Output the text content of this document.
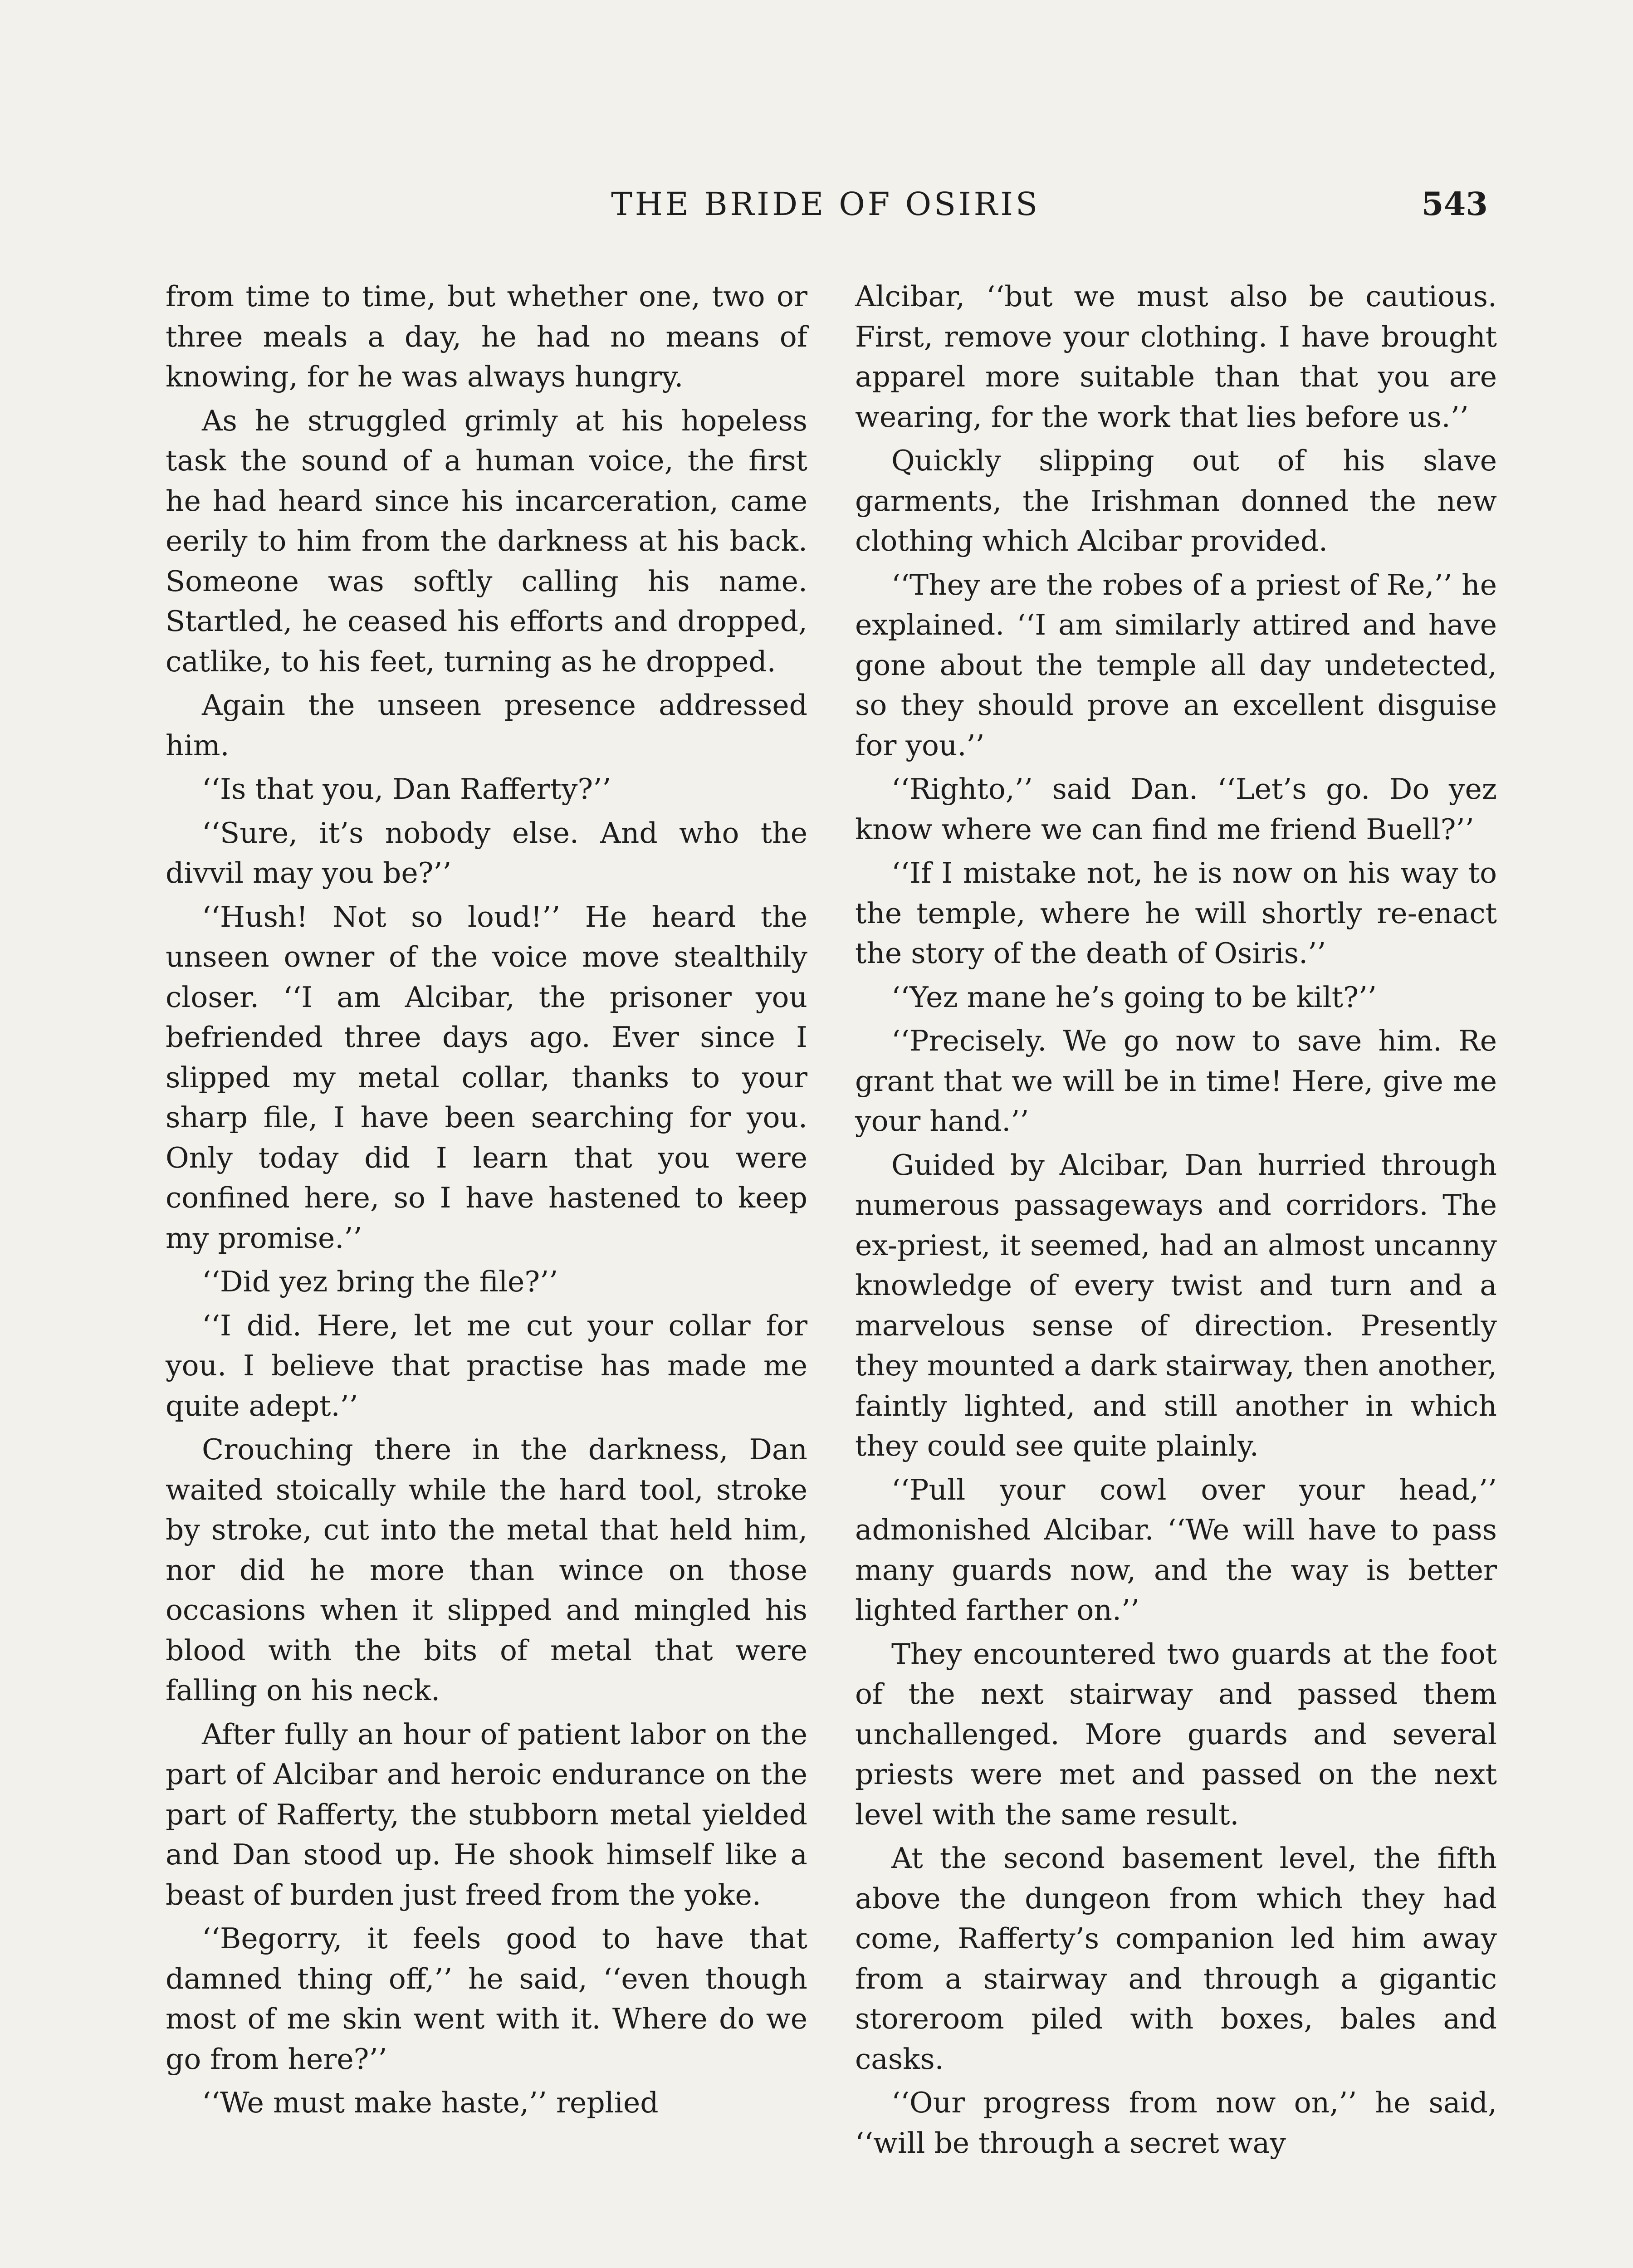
THE BRIDE OF OSIRIS	543

from time to time, but whether one, two or three meals a day, he had no means of knowing, for he was always hungry.

As he struggled grimly at his hopeless task the sound of a human voice, the first he had heard since his incarceration, came eerily to him from the darkness at his back. Someone was softly calling his name. Startled, he ceased his efforts and dropped, catlike, to his feet, turning as he dropped.

Again the unseen presence addressed him.

‘‘Is that you, Dan Rafferty?’’

‘‘Sure, it’s nobody else. And who the divvil may you be?’’

‘‘Hush! Not so loud!’’ He heard the unseen owner of the voice move stealthily closer. ‘‘I am Alcibar, the prisoner you befriended three days ago. Ever since I slipped my metal collar, thanks to your sharp file, I have been searching for you. Only today did I learn that you were confined here, so I have hastened to keep my promise.’’

‘‘Did yez bring the file?’’

‘‘I did. Here, let me cut your collar for you. I believe that practise has made me quite adept.’’

Crouching there in the darkness, Dan waited stoically while the hard tool, stroke by stroke, cut into the metal that held him, nor did he more than wince on those occasions when it slipped and mingled his blood with the bits of metal that were falling on his neck.

After fully an hour of patient labor on the part of Alcibar and heroic endurance on the part of Rafferty, the stubborn metal yielded and Dan stood up. He shook himself like a beast of burden just freed from the yoke.

‘‘Begorry, it feels good to have that damned thing off,’’ he said, ‘‘even though most of me skin went with it. Where do we go from here?’’

‘‘We must make haste,’’ replied

Alcibar, ‘‘but we must also be cautious. First, remove your clothing. I have brought apparel more suitable than that you are wearing, for the work that lies before us.’’

Quickly slipping out of his slave garments, the Irishman donned the new clothing which Alcibar provided.

‘‘They are the robes of a priest of Re,’’ he explained. ‘‘I am similarly attired and have gone about the temple all day undetected, so they should prove an excellent disguise for you.’’

‘‘Righto,’’ said Dan. ‘‘Let’s go. Do yez know where we can find me friend Buell?’’

‘‘If I mistake not, he is now on his way to the temple, where he will shortly re-enact the story of the death of Osiris.’’

‘‘Yez mane he’s going to be kilt?’’

‘‘Precisely. We go now to save him. Re grant that we will be in time! Here, give me your hand.’’

Guided by Alcibar, Dan hurried through numerous passageways and corridors. The ex-priest, it seemed, had an almost uncanny knowledge of every twist and turn and a marvelous sense of direction. Presently they mounted a dark stairway, then another, faintly lighted, and still another in which they could see quite plainly.

‘‘Pull your cowl over your head,’’ admonished Alcibar. ‘‘We will have to pass many guards now, and the way is better lighted farther on.’’

They encountered two guards at the foot of the next stairway and passed them unchallenged. More guards and several priests were met and passed on the next level with the same result.

At the second basement level, the fifth above the dungeon from which they had come, Rafferty’s companion led him away from a stairway and through a gigantic storeroom piled with boxes, bales and casks.

‘‘Our progress from now on,’’ he said, ‘‘will be through a secret way
